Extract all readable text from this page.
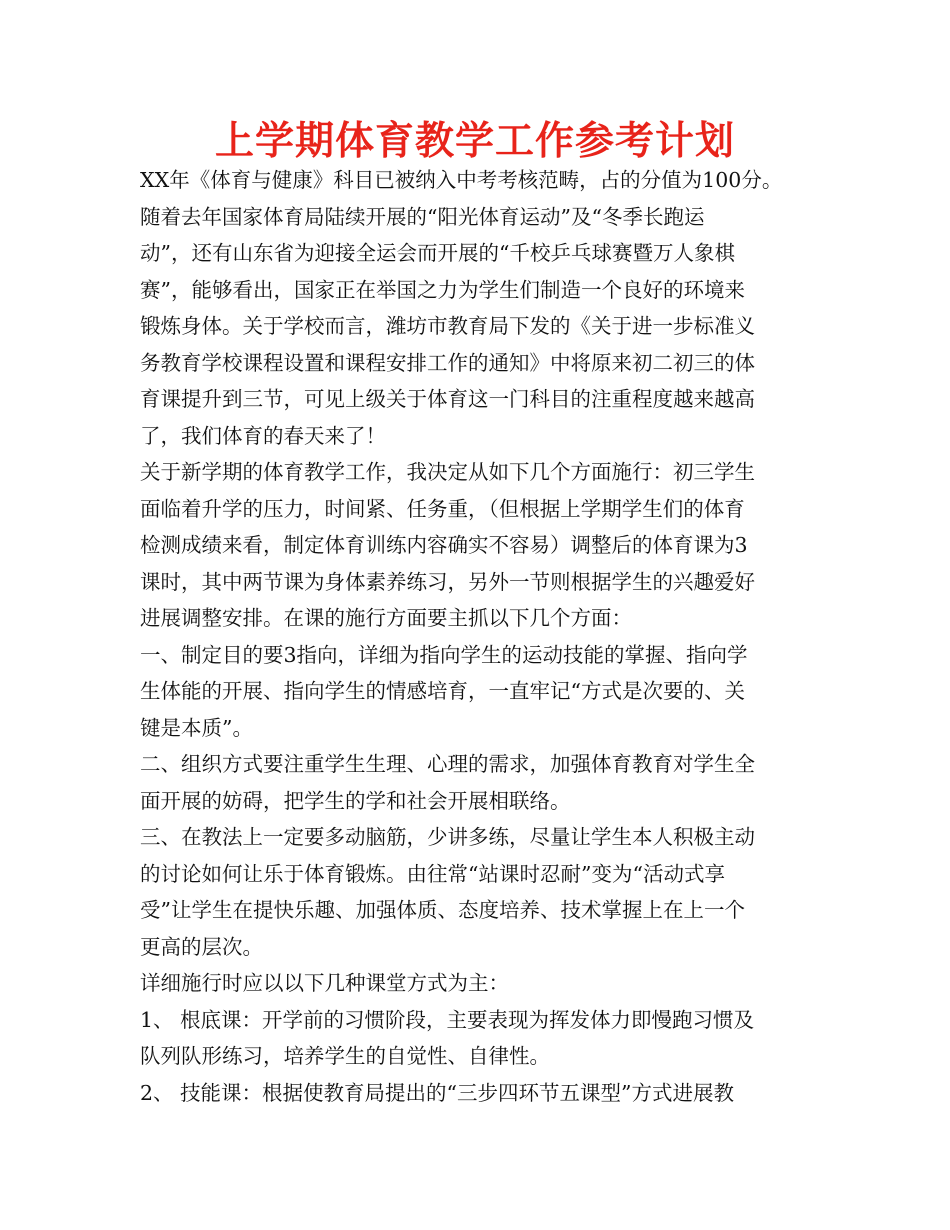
上学期体育教学工作参考计划
XX年《体育与健康》科目已被纳入中考考核范畴，占的分值为100分。
随着去年国家体育局陆续开展的“阳光体育运动”及“冬季长跑运
动”，还有山东省为迎接全运会而开展的“千校乒乓球赛暨万人象棋
赛”，能够看出，国家正在举国之力为学生们制造一个良好的环境来
锻炼身体。关于学校而言，潍坊市教育局下发的《关于进一步标准义
务教育学校课程设置和课程安排工作的通知》中将原来初二初三的体
育课提升到三节，可见上级关于体育这一门科目的注重程度越来越高
了，我们体育的春天来了！
关于新学期的体育教学工作，我决定从如下几个方面施行：初三学生
面临着升学的压力，时间紧、任务重，（但根据上学期学生们的体育
检测成绩来看，制定体育训练内容确实不容易）调整后的体育课为3
课时，其中两节课为身体素养练习，另外一节则根据学生的兴趣爱好
进展调整安排。在课的施行方面要主抓以下几个方面：
一、制定目的要3指向，详细为指向学生的运动技能的掌握、指向学
生体能的开展、指向学生的情感培育，一直牢记“方式是次要的、关
键是本质”。
二、组织方式要注重学生生理、心理的需求，加强体育教育对学生全
面开展的妨碍，把学生的学和社会开展相联络。
三、在教法上一定要多动脑筋，少讲多练，尽量让学生本人积极主动
的讨论如何让乐于体育锻炼。由往常“站课时忍耐”变为“活动式享
受”让学生在提快乐趣、加强体质、态度培养、技术掌握上在上一个
更高的层次。
详细施行时应以以下几种课堂方式为主：
1、 根底课：开学前的习惯阶段，主要表现为挥发体力即慢跑习惯及
队列队形练习，培养学生的自觉性、自律性。
2、 技能课：根据使教育局提出的“三步四环节五课型”方式进展教
